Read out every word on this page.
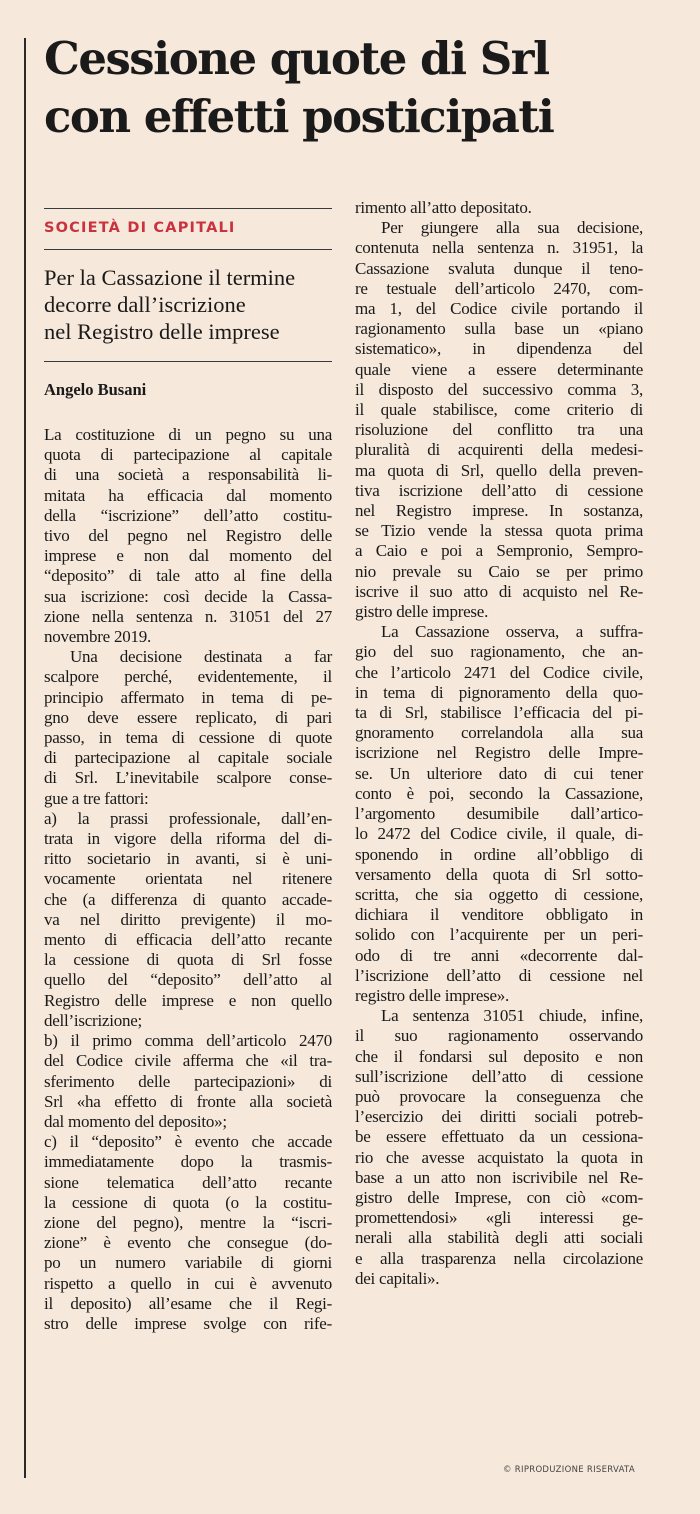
Cessione quote di Srl
con effetti posticipati
SOCIETÀ DI CAPITALI
Per la Cassazione il termine
decorre dall’iscrizione
nel Registro delle imprese
Angelo Busani
La costituzione di un pegno su una
quota di partecipazione al capitale
di una società a responsabilità li-
mitata ha efficacia dal momento
della “iscrizione” dell’atto costitu-
tivo del pegno nel Registro delle
imprese e non dal momento del
“deposito” di tale atto al fine della
sua iscrizione: così decide la Cassa-
zione nella sentenza n. 31051 del 27
novembre 2019.
Una decisione destinata a far
scalpore perché, evidentemente, il
principio affermato in tema di pe-
gno deve essere replicato, di pari
passo, in tema di cessione di quote
di partecipazione al capitale sociale
di Srl. L’inevitabile scalpore conse-
gue a tre fattori:
a) la prassi professionale, dall’en-
trata in vigore della riforma del di-
ritto societario in avanti, si è uni-
vocamente orientata nel ritenere
che (a differenza di quanto accade-
va nel diritto previgente) il mo-
mento di efficacia dell’atto recante
la cessione di quota di Srl fosse
quello del “deposito” dell’atto al
Registro delle imprese e non quello
dell’iscrizione;
b) il primo comma dell’articolo 2470
del Codice civile afferma che «il tra-
sferimento delle partecipazioni» di
Srl «ha effetto di fronte alla società
dal momento del deposito»;
c) il “deposito” è evento che accade
immediatamente dopo la trasmis-
sione telematica dell’atto recante
la cessione di quota (o la costitu-
zione del pegno), mentre la “iscri-
zione” è evento che consegue (do-
po un numero variabile di giorni
rispetto a quello in cui è avvenuto
il deposito) all’esame che il Regi-
stro delle imprese svolge con rife-
rimento all’atto depositato.
Per giungere alla sua decisione,
contenuta nella sentenza n. 31951, la
Cassazione svaluta dunque il teno-
re testuale dell’articolo 2470, com-
ma 1, del Codice civile portando il
ragionamento sulla base un «piano
sistematico», in dipendenza del
quale viene a essere determinante
il disposto del successivo comma 3,
il quale stabilisce, come criterio di
risoluzione del conflitto tra una
pluralità di acquirenti della medesi-
ma quota di Srl, quello della preven-
tiva iscrizione dell’atto di cessione
nel Registro imprese. In sostanza,
se Tizio vende la stessa quota prima
a Caio e poi a Sempronio, Sempro-
nio prevale su Caio se per primo
iscrive il suo atto di acquisto nel Re-
gistro delle imprese.
La Cassazione osserva, a suffra-
gio del suo ragionamento, che an-
che l’articolo 2471 del Codice civile,
in tema di pignoramento della quo-
ta di Srl, stabilisce l’efficacia del pi-
gnoramento correlandola alla sua
iscrizione nel Registro delle Impre-
se. Un ulteriore dato di cui tener
conto è poi, secondo la Cassazione,
l’argomento desumibile dall’artico-
lo 2472 del Codice civile, il quale, di-
sponendo in ordine all’obbligo di
versamento della quota di Srl sotto-
scritta, che sia oggetto di cessione,
dichiara il venditore obbligato in
solido con l’acquirente per un peri-
odo di tre anni «decorrente dal-
l’iscrizione dell’atto di cessione nel
registro delle imprese».
La sentenza 31051 chiude, infine,
il suo ragionamento osservando
che il fondarsi sul deposito e non
sull’iscrizione dell’atto di cessione
può provocare la conseguenza che
l’esercizio dei diritti sociali potreb-
be essere effettuato da un cessiona-
rio che avesse acquistato la quota in
base a un atto non iscrivibile nel Re-
gistro delle Imprese, con ciò «com-
promettendosi» «gli interessi ge-
nerali alla stabilità degli atti sociali
e alla trasparenza nella circolazione
dei capitali».
© RIPRODUZIONE RISERVATA
